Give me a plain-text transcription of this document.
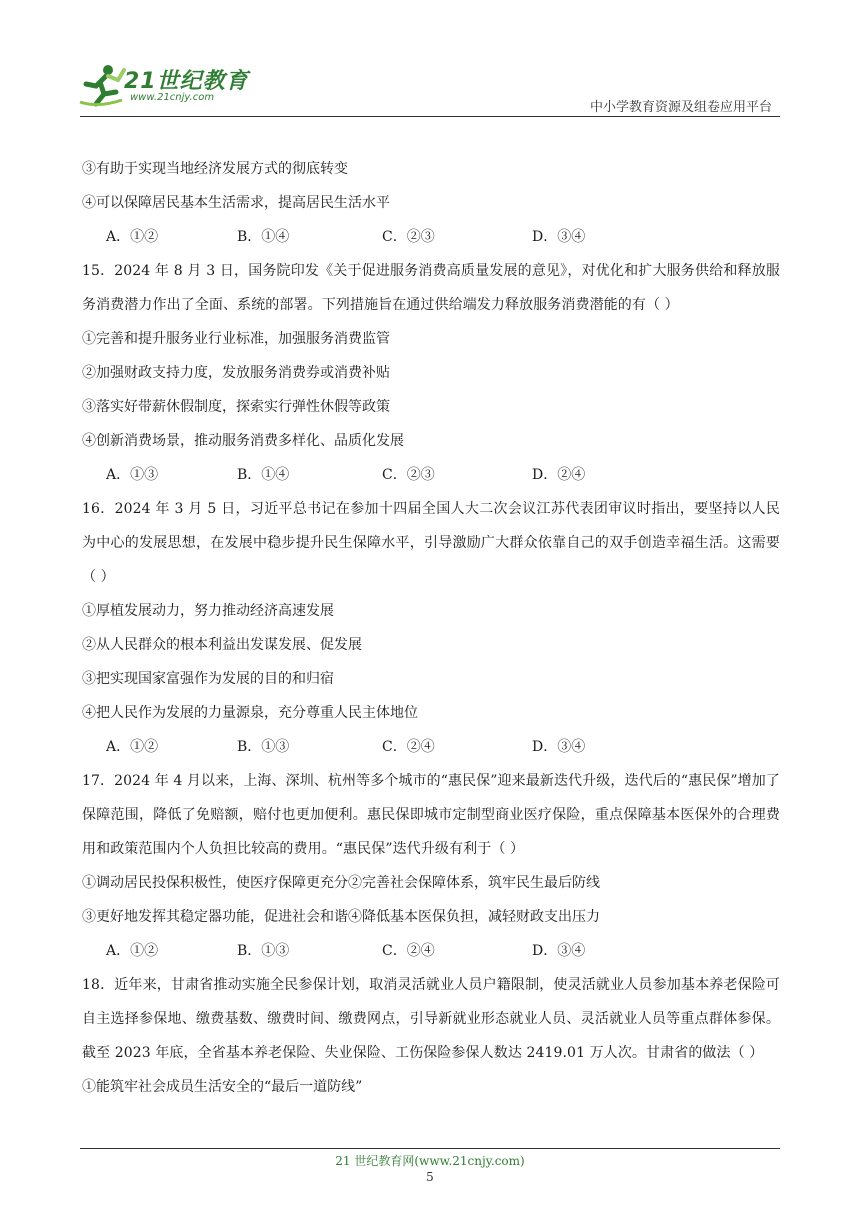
21世纪教育
www.21cnjy.com
中小学教育资源及组卷应用平台
③有助于实现当地经济发展方式的彻底转变
④可以保障居民基本生活需求，提高居民生活水平
A．①②	B．①④	C．②③	D．③④
15．2024 年 8 月 3 日，国务院印发《关于促进服务消费高质量发展的意见》，对优化和扩大服务供给和释放服务消费潜力作出了全面、系统的部署。下列措施旨在通过供给端发力释放服务消费潜能的有（ ）
①完善和提升服务业行业标准，加强服务消费监管
②加强财政支持力度，发放服务消费券或消费补贴
③落实好带薪休假制度，探索实行弹性休假等政策
④创新消费场景，推动服务消费多样化、品质化发展
A．①③	B．①④	C．②③	D．②④
16．2024 年 3 月 5 日，习近平总书记在参加十四届全国人大二次会议江苏代表团审议时指出，要坚持以人民为中心的发展思想，在发展中稳步提升民生保障水平，引导激励广大群众依靠自己的双手创造幸福生活。这需要（ ）
①厚植发展动力，努力推动经济高速发展
②从人民群众的根本利益出发谋发展、促发展
③把实现国家富强作为发展的目的和归宿
④把人民作为发展的力量源泉，充分尊重人民主体地位
A．①②	B．①③	C．②④	D．③④
17．2024 年 4 月以来，上海、深圳、杭州等多个城市的“惠民保”迎来最新迭代升级，迭代后的“惠民保”增加了保障范围，降低了免赔额，赔付也更加便利。惠民保即城市定制型商业医疗保险，重点保障基本医保外的合理费用和政策范围内个人负担比较高的费用。“惠民保”迭代升级有利于（ ）
①调动居民投保积极性，使医疗保障更充分②完善社会保障体系，筑牢民生最后防线
③更好地发挥其稳定器功能，促进社会和谐④降低基本医保负担，减轻财政支出压力
A．①②	B．①③	C．②④	D．③④
18．近年来，甘肃省推动实施全民参保计划，取消灵活就业人员户籍限制，使灵活就业人员参加基本养老保险可自主选择参保地、缴费基数、缴费时间、缴费网点，引导新就业形态就业人员、灵活就业人员等重点群体参保。截至 2023 年底，全省基本养老保险、失业保险、工伤保险参保人数达 2419.01 万人次。甘肃省的做法（ ）
①能筑牢社会成员生活安全的“最后一道防线”
21 世纪教育网(www.21cnjy.com)
5
